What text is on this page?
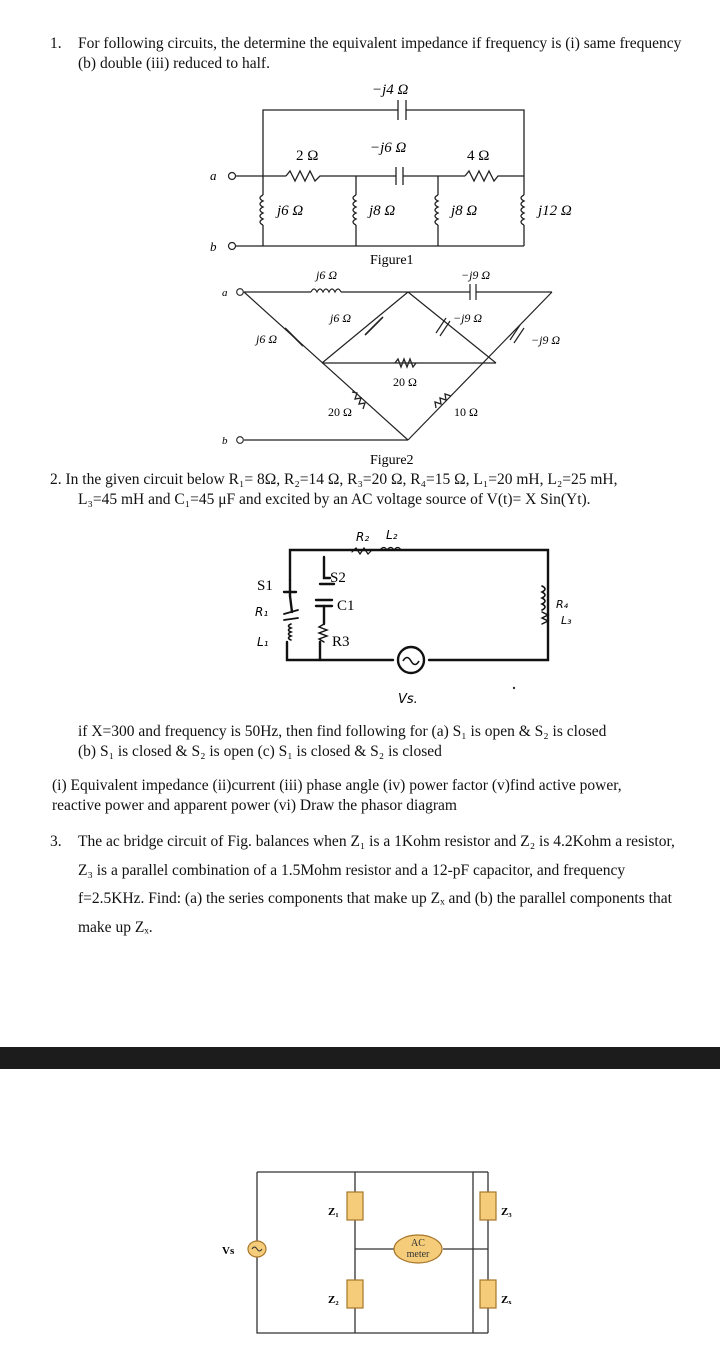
1. For following circuits, the determine the equivalent impedance if frequency is (i) same frequency (b) double (iii) reduced to half.
a
b
−j4 Ω
2 Ω	−j6 Ω	4 Ω
j6 Ω	j8 Ω	j8 Ω	j12 Ω
Figure1
a
b
j6 Ω	−j9 Ω
j6 Ω	−j9 Ω
j6 Ω	−j9 Ω
20 Ω
20 Ω	10 Ω
Figure2
2. In the given circuit below R₁= 8Ω, R₂=14 Ω, R₃=20 Ω, R₄=15 Ω, L₁=20 mH, L₂=25 mH,
L₃=45 mH and C₁=45 μF and excited by an AC voltage source of V(t)= X Sin(Yt).
S1	S2
C1
R3
R₁
L₁
R₂ L₂
R₄
L₃
Vs.
if X=300 and frequency is 50Hz, then find following for (a) S₁ is open & S₂ is closed
(b) S₁ is closed & S₂ is open (c) S₁ is closed & S₂ is closed
(i) Equivalent impedance (ii)current (iii) phase angle (iv) power factor (v)find active power,
reactive power and apparent power (vi) Draw the phasor diagram
3. The ac bridge circuit of Fig. balances when Z₁ is a 1Kohm resistor and Z₂ is 4.2Kohm a resistor, Z₃ is a parallel combination of a 1.5Mohm resistor and a 12-pF capacitor, and frequency f=2.5KHz. Find: (a) the series components that make up Zₓ and (b) the parallel components that make up Zₓ.
AC
meter
Vs
Z₁
Z₂
Z₃
Zₓ
